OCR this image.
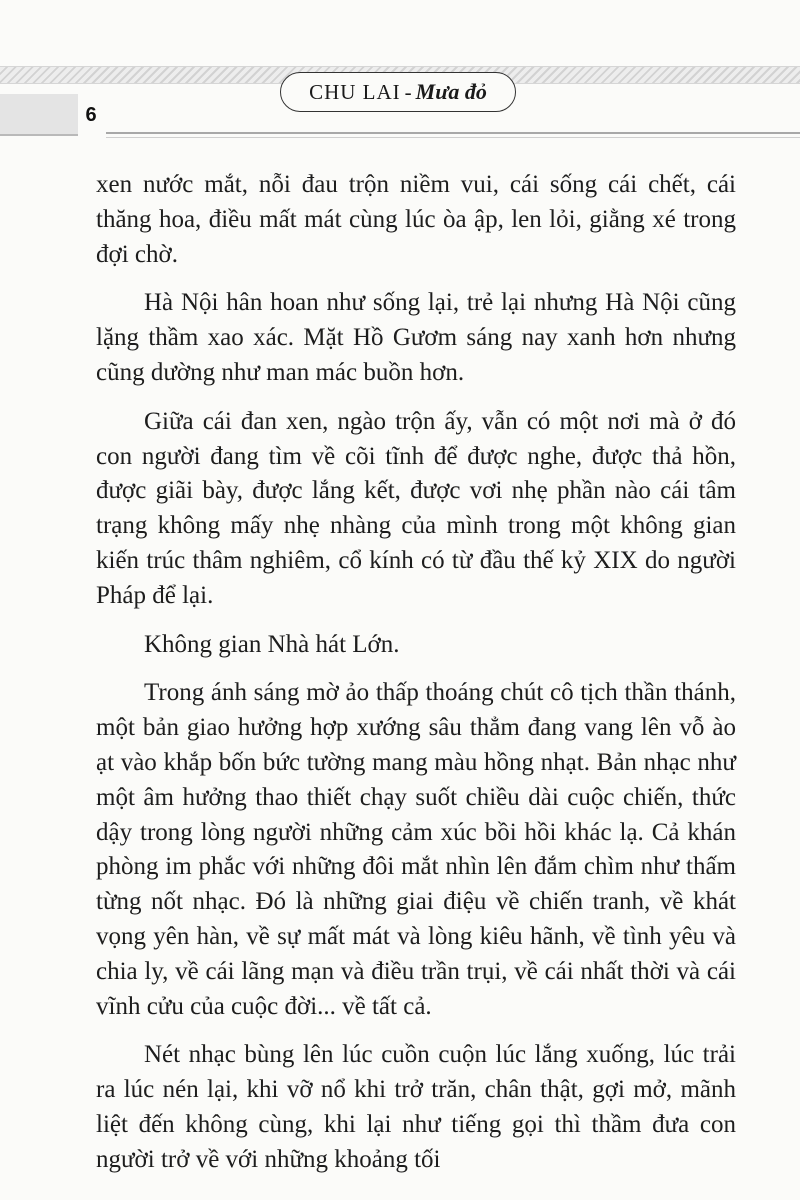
6
CHU LAI - Mưa đỏ

xen nước mắt, nỗi đau trộn niềm vui, cái sống cái chết, cái thăng hoa, điều mất mát cùng lúc òa ập, len lỏi, giằng xé trong đợi chờ.

Hà Nội hân hoan như sống lại, trẻ lại nhưng Hà Nội cũng lặng thầm xao xác. Mặt Hồ Gươm sáng nay xanh hơn nhưng cũng dường như man mác buồn hơn.

Giữa cái đan xen, ngào trộn ấy, vẫn có một nơi mà ở đó con người đang tìm về cõi tĩnh để được nghe, được thả hồn, được giãi bày, được lắng kết, được vơi nhẹ phần nào cái tâm trạng không mấy nhẹ nhàng của mình trong một không gian kiến trúc thâm nghiêm, cổ kính có từ đầu thế kỷ XIX do người Pháp để lại.

Không gian Nhà hát Lớn.

Trong ánh sáng mờ ảo thấp thoáng chút cô tịch thần thánh, một bản giao hưởng hợp xướng sâu thẳm đang vang lên vỗ ào ạt vào khắp bốn bức tường mang màu hồng nhạt. Bản nhạc như một âm hưởng thao thiết chạy suốt chiều dài cuộc chiến, thức dậy trong lòng người những cảm xúc bồi hồi khác lạ. Cả khán phòng im phắc với những đôi mắt nhìn lên đắm chìm như thấm từng nốt nhạc. Đó là những giai điệu về chiến tranh, về khát vọng yên hàn, về sự mất mát và lòng kiêu hãnh, về tình yêu và chia ly, về cái lãng mạn và điều trần trụi, về cái nhất thời và cái vĩnh cửu của cuộc đời... về tất cả.

Nét nhạc bùng lên lúc cuồn cuộn lúc lắng xuống, lúc trải ra lúc nén lại, khi vỡ nổ khi trở trăn, chân thật, gợi mở, mãnh liệt đến không cùng, khi lại như tiếng gọi thì thầm đưa con người trở về với những khoảng tối
